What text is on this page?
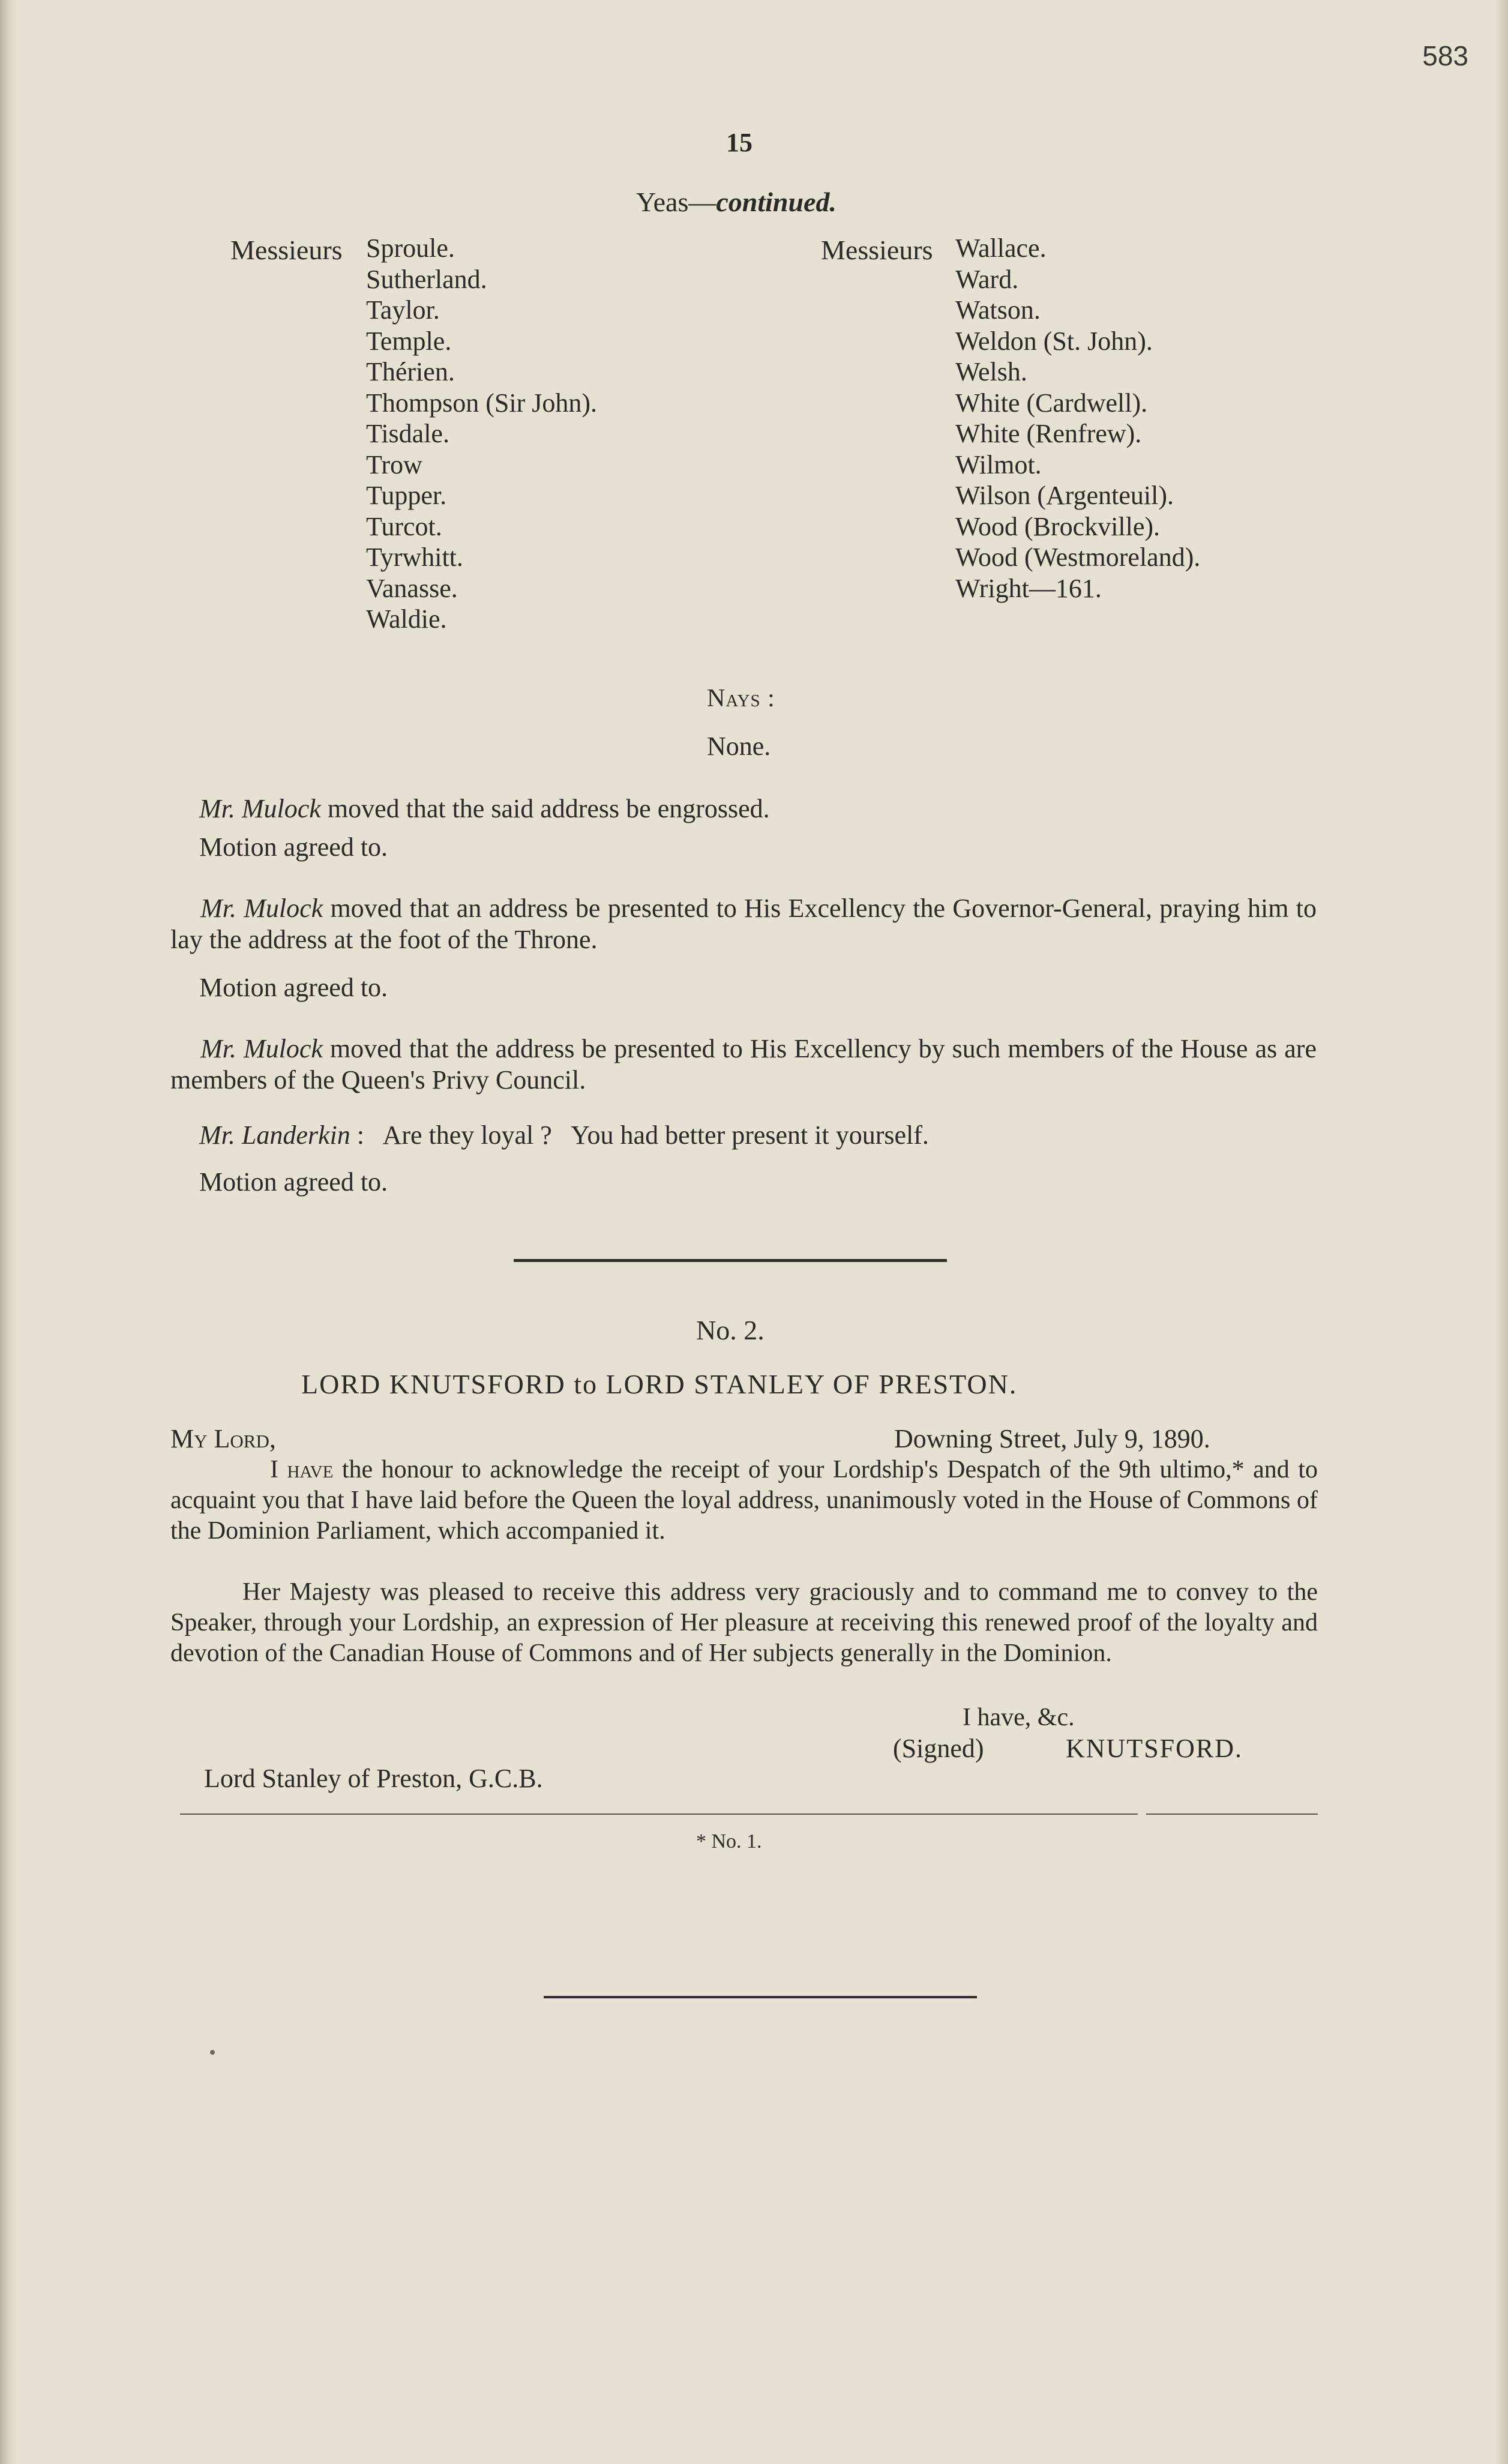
583
15
Yeas—continued.
Messieurs Sproule.
Sutherland.
Taylor.
Temple.
Thérien.
Thompson (Sir John).
Tisdale.
Trow
Tupper.
Turcot.
Tyrwhitt.
Vanasse.
Waldie.
Messieurs Wallace.
Ward.
Watson.
Weldon (St. John).
Welsh.
White (Cardwell).
White (Renfrew).
Wilmot.
Wilson (Argenteuil).
Wood (Brockville).
Wood (Westmoreland).
Wright—161.
Nays :
None.
Mr. Mulock moved that the said address be engrossed.
Motion agreed to.
Mr. Mulock moved that an address be presented to His Excellency the Governor-General, praying him to lay the address at the foot of the Throne.
Motion agreed to.
Mr. Mulock moved that the address be presented to His Excellency by such members of the House as are members of the Queen's Privy Council.
Mr. Landerkin :   Are they loyal ?   You had better present it yourself.
Motion agreed to.
No. 2.
LORD KNUTSFORD to LORD STANLEY OF PRESTON.
My Lord,	Downing Street, July 9, 1890.
I have the honour to acknowledge the receipt of your Lordship's Despatch of the 9th ultimo,* and to acquaint you that I have laid before the Queen the loyal address, unanimously voted in the House of Commons of the Dominion Parliament, which accompanied it.
Her Majesty was pleased to receive this address very graciously and to command me to convey to the Speaker, through your Lordship, an expression of Her pleasure at receiving this renewed proof of the loyalty and devotion of the Canadian House of Commons and of Her subjects generally in the Dominion.
I have, &c.
(Signed)	KNUTSFORD.
Lord Stanley of Preston, G.C.B.
* No. 1.
